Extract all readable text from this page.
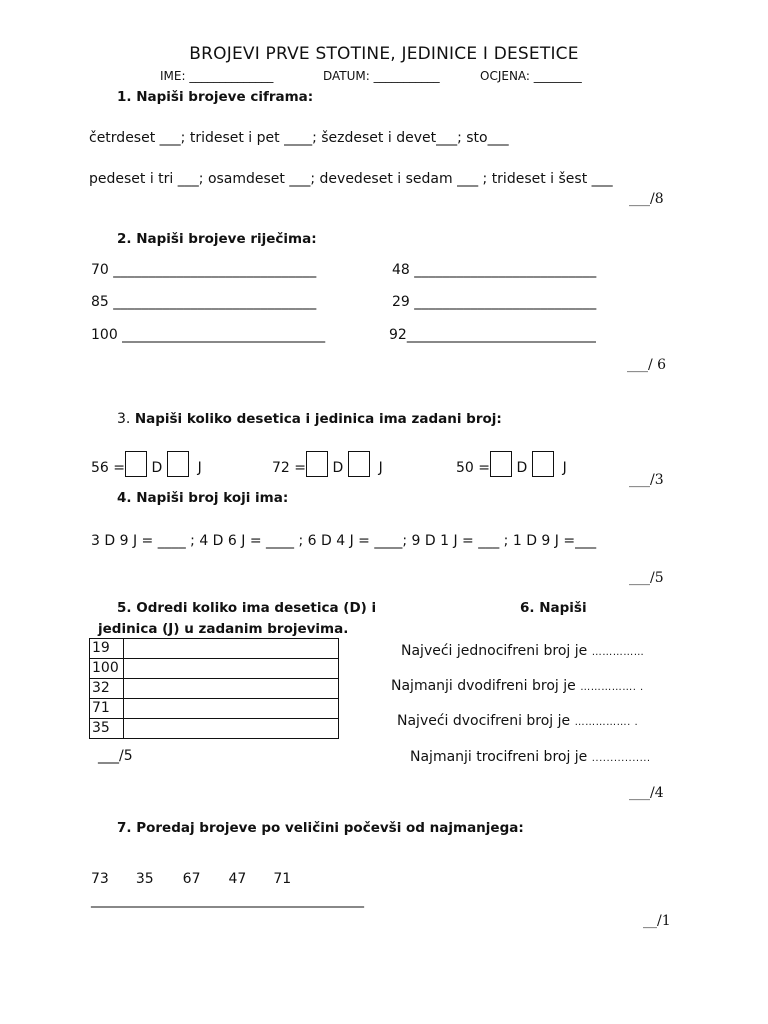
BROJEVI PRVE STOTINE, JEDINICE I DESETICE
IME: ______________	DATUM: ___________	OCJENA: ________
1. Napiši brojeve ciframa:
četrdeset ___; trideset i pet ____; šezdeset i devet___; sto___
pedeset i tri ___; osamdeset ___; devedeset i sedam ___ ; trideset i šest ___
___/8
2. Napiši brojeve riječima:
70 _____________________________	48 __________________________
85 _____________________________	29 __________________________
100 _____________________________	92___________________________
___/ 6
3. Napiši koliko desetica i jedinica ima zadani broj:
56 = D	J	72 = D	J	50 = D	J
___/3
4. Napiši broj koji ima:
3 D 9 J = ____ ; 4 D 6 J = ____ ; 6 D 4 J = ____; 9 D 1 J = ___ ; 1 D 9 J =___
___/5
5. Odredi koliko ima desetica (D) i
jedinica (J) u zadanim brojevima.
19	
100	
32	
71	
35	
___/5
6. Napiši
Najveći jednocifreni broj je ……………
Najmanji dvodifreni broj je ……………. .
Najveći dvocifreni broj je ……………. .
Najmanji trocifreni broj je ................
___/4
7. Poredaj brojeve po veličini počevši od najmanjega:
73 35 67 47 71
_______________________________________
__/1
